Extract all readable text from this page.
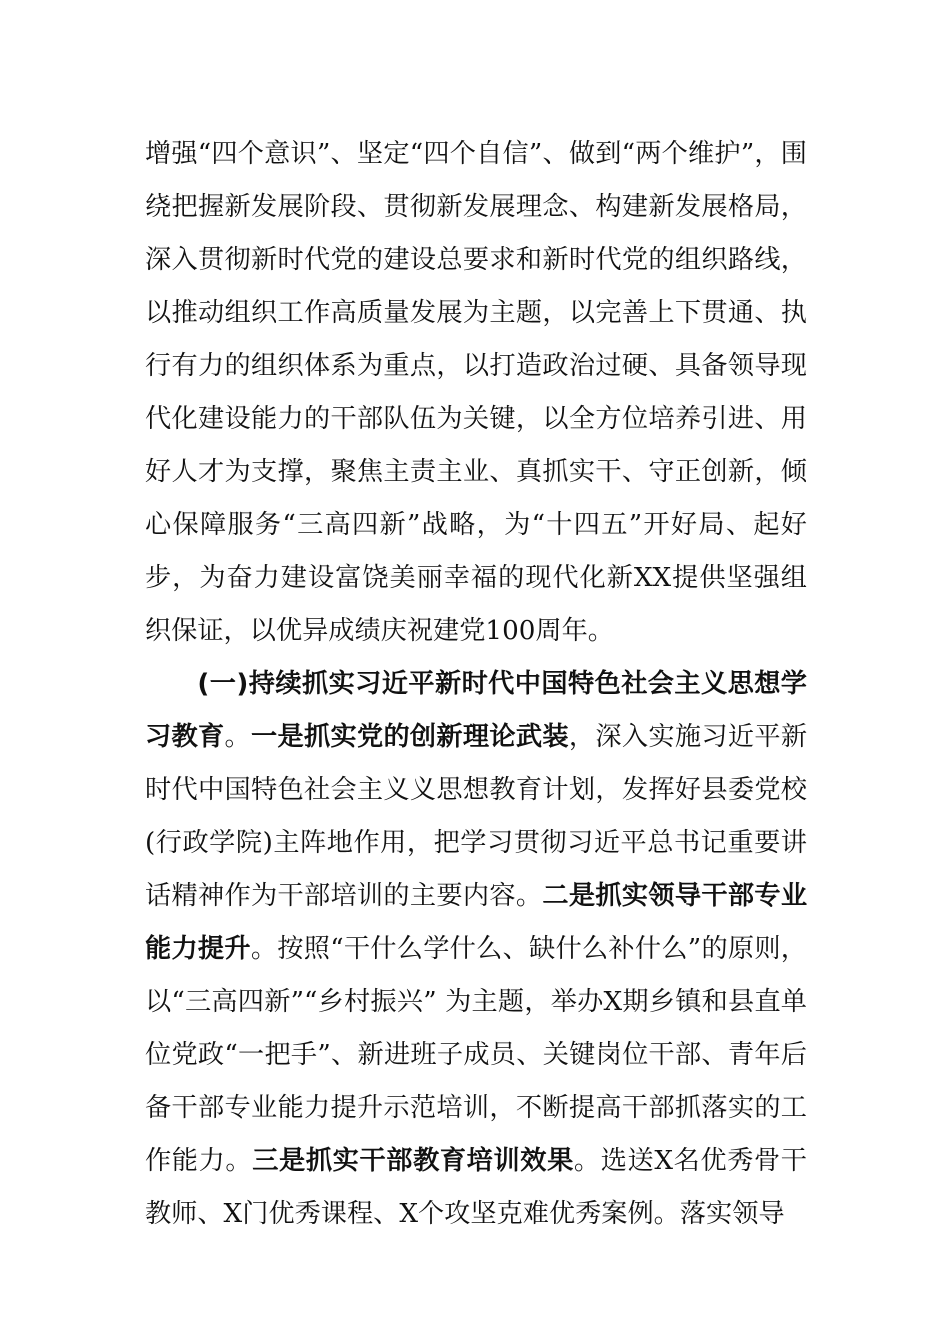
增强“四个意识”、坚定“四个自信”、做到“两个维护”，围绕把握新发展阶段、贯彻新发展理念、构建新发展格局，深入贯彻新时代党的建设总要求和新时代党的组织路线，以推动组织工作高质量发展为主题，以完善上下贯通、执行有力的组织体系为重点，以打造政治过硬、具备领导现代化建设能力的干部队伍为关键，以全方位培养引进、用好人才为支撑，聚焦主责主业、真抓实干、守正创新，倾心保障服务“三高四新”战略，为“十四五”开好局、起好步，为奋力建设富饶美丽幸福的现代化新XX提供坚强组织保证，以优异成绩庆祝建党100周年。

(一)持续抓实习近平新时代中国特色社会主义思想学习教育。一是抓实党的创新理论武装，深入实施习近平新时代中国特色社会主义义思想教育计划，发挥好县委党校(行政学院)主阵地作用，把学习贯彻习近平总书记重要讲话精神作为干部培训的主要内容。二是抓实领导干部专业能力提升。按照“干什么学什么、缺什么补什么”的原则，以“三高四新”“乡村振兴” 为主题，举办X期乡镇和县直单位党政“一把手”、新进班子成员、关键岗位干部、青年后备干部专业能力提升示范培训，不断提高干部抓落实的工作能力。三是抓实干部教育培训效果。选送X名优秀骨干教师、X门优秀课程、X个攻坚克难优秀案例。落实领导
